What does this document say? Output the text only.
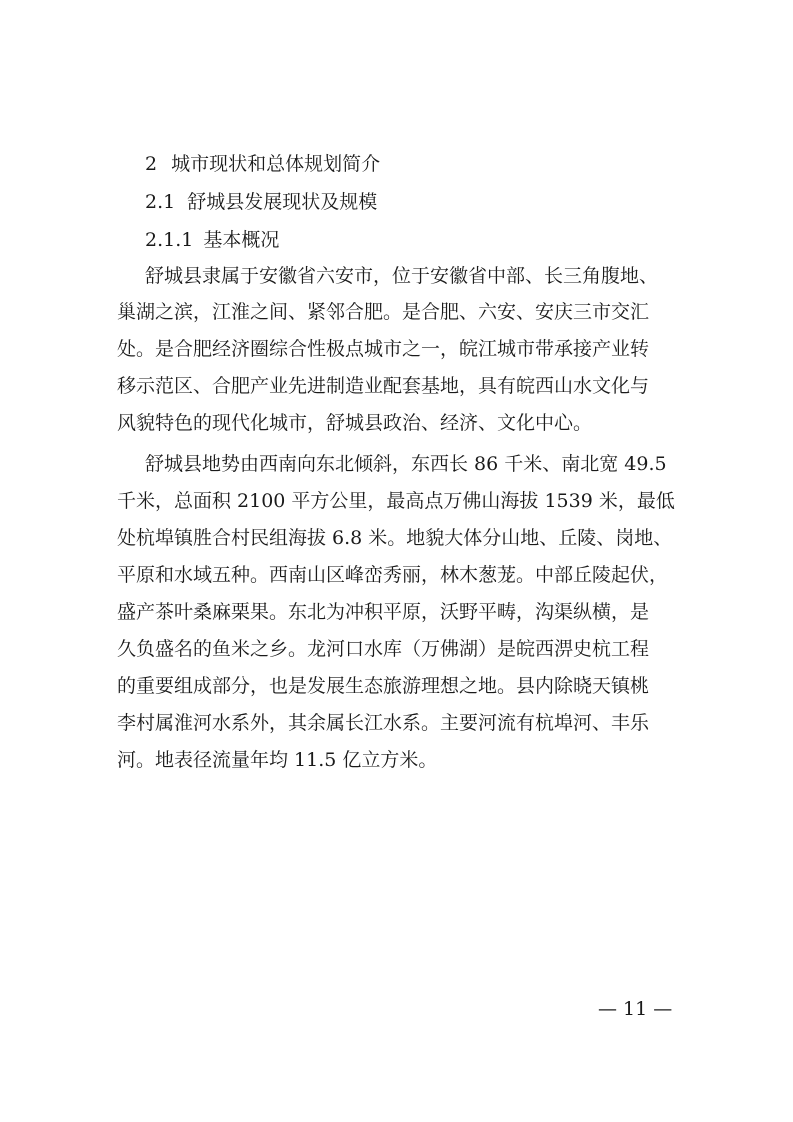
2 城市现状和总体规划简介
2.1 舒城县发展现状及规模
2.1.1 基本概况
舒城县隶属于安徽省六安市，位于安徽省中部、长三角腹地、
巢湖之滨，江淮之间、紧邻合肥。是合肥、六安、安庆三市交汇
处。是合肥经济圈综合性极点城市之一，皖江城市带承接产业转
移示范区、合肥产业先进制造业配套基地，具有皖西山水文化与
风貌特色的现代化城市，舒城县政治、经济、文化中心。
舒城县地势由西南向东北倾斜，东西长 86 千米、南北宽 49.5
千米，总面积 2100 平方公里，最高点万佛山海拔 1539 米，最低
处杭埠镇胜合村民组海拔 6.8 米。地貌大体分山地、丘陵、岗地、
平原和水域五种。西南山区峰峦秀丽，林木葱茏。中部丘陵起伏，
盛产茶叶桑麻栗果。东北为冲积平原，沃野平畴，沟渠纵横，是
久负盛名的鱼米之乡。龙河口水库（万佛湖）是皖西淠史杭工程
的重要组成部分，也是发展生态旅游理想之地。县内除晓天镇桃
李村属淮河水系外，其余属长江水系。主要河流有杭埠河、丰乐
河。地表径流量年均 11.5 亿立方米。
— 11 —
